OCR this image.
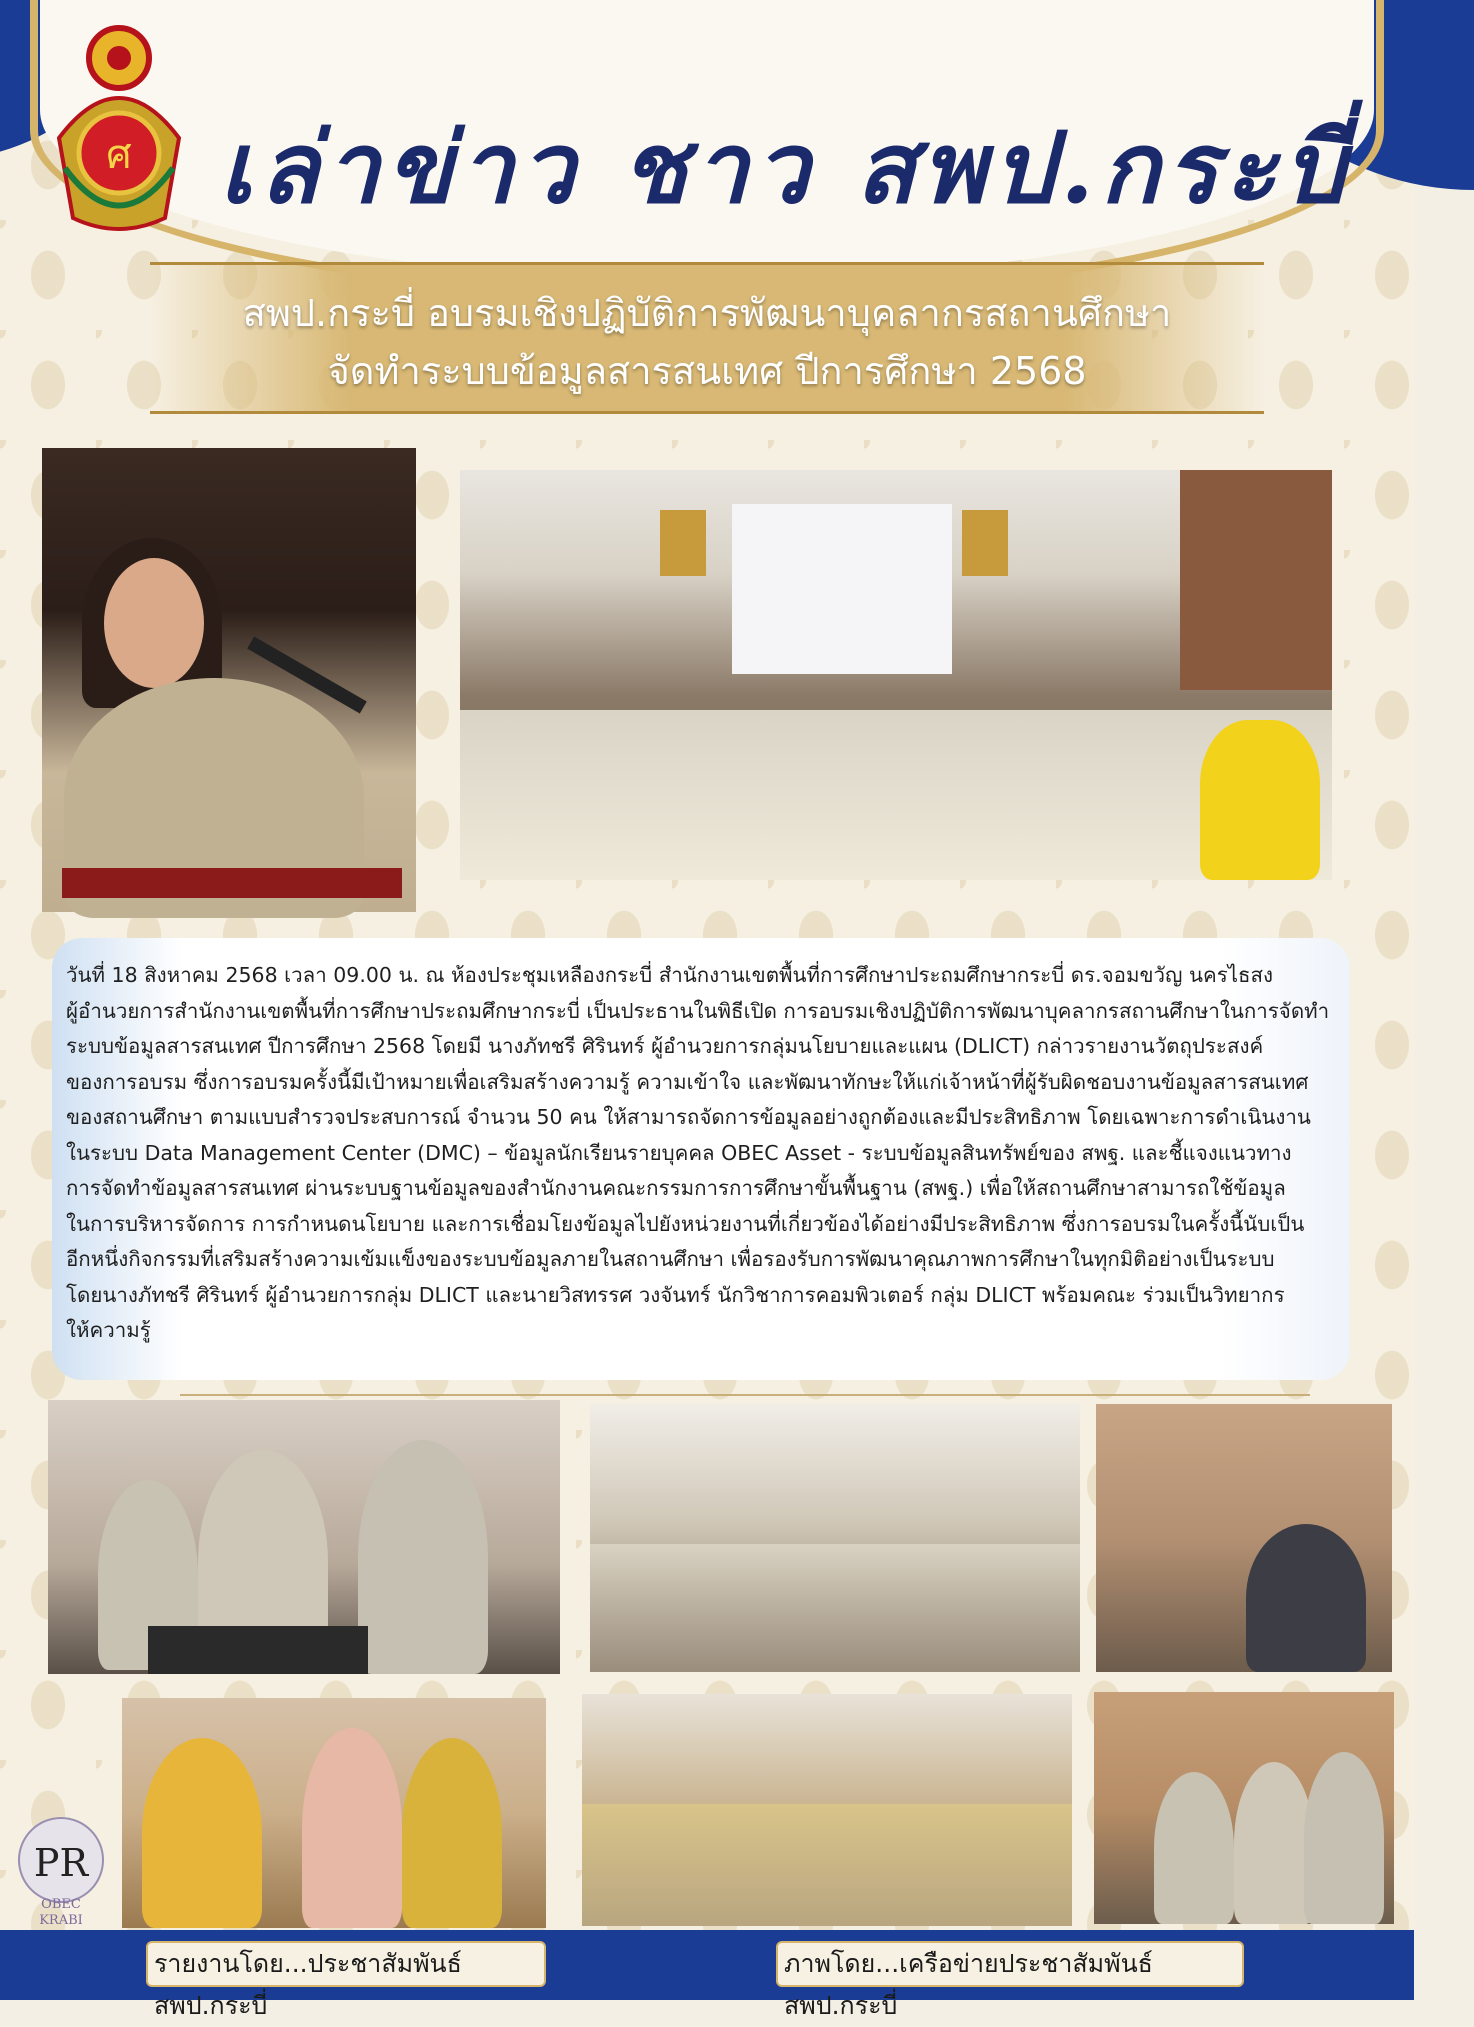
ศ เล่าข่าว ชาว สพป.กระบี่
สพป.กระบี่ อบรมเชิงปฏิบัติการพัฒนาบุคลากรสถานศึกษา
จัดทำระบบข้อมูลสารสนเทศ ปีการศึกษา 2568

วันที่ 18 สิงหาคม 2568 เวลา 09.00 น. ณ ห้องประชุมเหลืองกระบี่ สำนักงานเขตพื้นที่การศึกษาประถมศึกษากระบี่ ดร.จอมขวัญ นครไธสง

ผู้อำนวยการสำนักงานเขตพื้นที่การศึกษาประถมศึกษากระบี่ เป็นประธานในพิธีเปิด การอบรมเชิงปฏิบัติการพัฒนาบุคลากรสถานศึกษาในการจัดทำ

ระบบข้อมูลสารสนเทศ ปีการศึกษา 2568 โดยมี นางภัทชรี ศิรินทร์ ผู้อำนวยการกลุ่มนโยบายและแผน (DLICT) กล่าวรายงานวัตถุประสงค์

ของการอบรม ซึ่งการอบรมครั้งนี้มีเป้าหมายเพื่อเสริมสร้างความรู้ ความเข้าใจ และพัฒนาทักษะให้แก่เจ้าหน้าที่ผู้รับผิดชอบงานข้อมูลสารสนเทศ

ของสถานศึกษา ตามแบบสำรวจประสบการณ์ จำนวน 50 คน ให้สามารถจัดการข้อมูลอย่างถูกต้องและมีประสิทธิภาพ โดยเฉพาะการดำเนินงาน

ในระบบ Data Management Center (DMC) – ข้อมูลนักเรียนรายบุคคล OBEC Asset - ระบบข้อมูลสินทรัพย์ของ สพฐ. และชี้แจงแนวทาง

การจัดทำข้อมูลสารสนเทศ ผ่านระบบฐานข้อมูลของสำนักงานคณะกรรมการการศึกษาขั้นพื้นฐาน (สพฐ.) เพื่อให้สถานศึกษาสามารถใช้ข้อมูล

ในการบริหารจัดการ การกำหนดนโยบาย และการเชื่อมโยงข้อมูลไปยังหน่วยงานที่เกี่ยวข้องได้อย่างมีประสิทธิภาพ ซึ่งการอบรมในครั้งนี้นับเป็น

อีกหนึ่งกิจกรรมที่เสริมสร้างความเข้มแข็งของระบบข้อมูลภายในสถานศึกษา เพื่อรองรับการพัฒนาคุณภาพการศึกษาในทุกมิติอย่างเป็นระบบ

โดยนางภัทชรี ศิรินทร์ ผู้อำนวยการกลุ่ม DLICT และนายวิสทรรศ วงจันทร์ นักวิชาการคอมพิวเตอร์ กลุ่ม DLICT พร้อมคณะ ร่วมเป็นวิทยากร

ให้ความรู้

PR
OBEC
KRABI
รายงานโดย...ประชาสัมพันธ์ สพป.กระบี่
ภาพโดย...เครือข่ายประชาสัมพันธ์ สพป.กระบี่
